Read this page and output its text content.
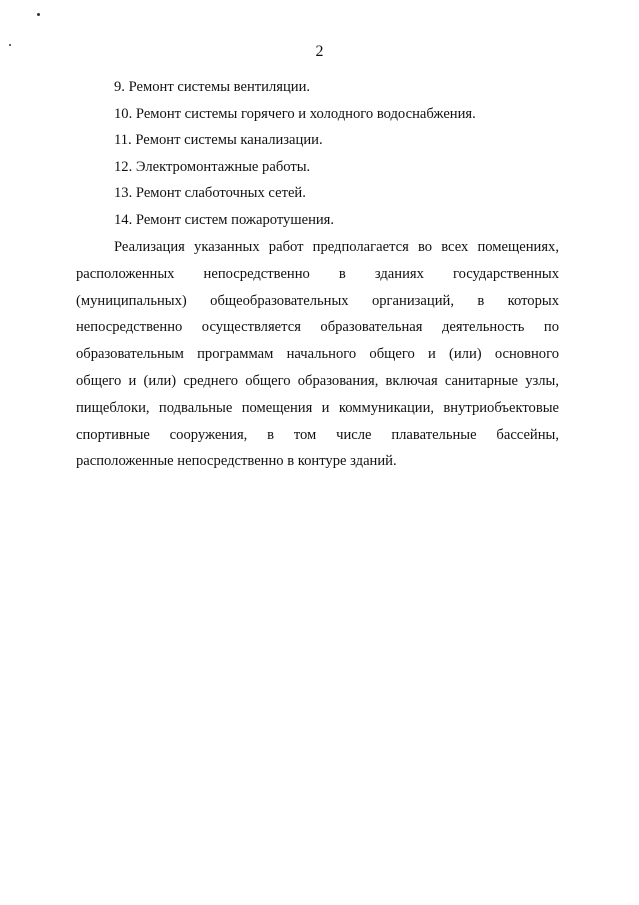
2
9. Ремонт системы вентиляции.
10. Ремонт системы горячего и холодного водоснабжения.
11. Ремонт системы канализации.
12. Электромонтажные работы.
13. Ремонт слаботочных сетей.
14. Ремонт систем пожаротушения.
Реализация указанных работ предполагается во всех помещениях,
расположенных непосредственно в зданиях государственных
(муниципальных) общеобразовательных организаций, в которых
непосредственно осуществляется образовательная деятельность по
образовательным программам начального общего и (или) основного
общего и (или) среднего общего образования, включая санитарные узлы,
пищеблоки, подвальные помещения и коммуникации, внутриобъектовые
спортивные сооружения, в том числе плавательные бассейны,
расположенные непосредственно в контуре зданий.
